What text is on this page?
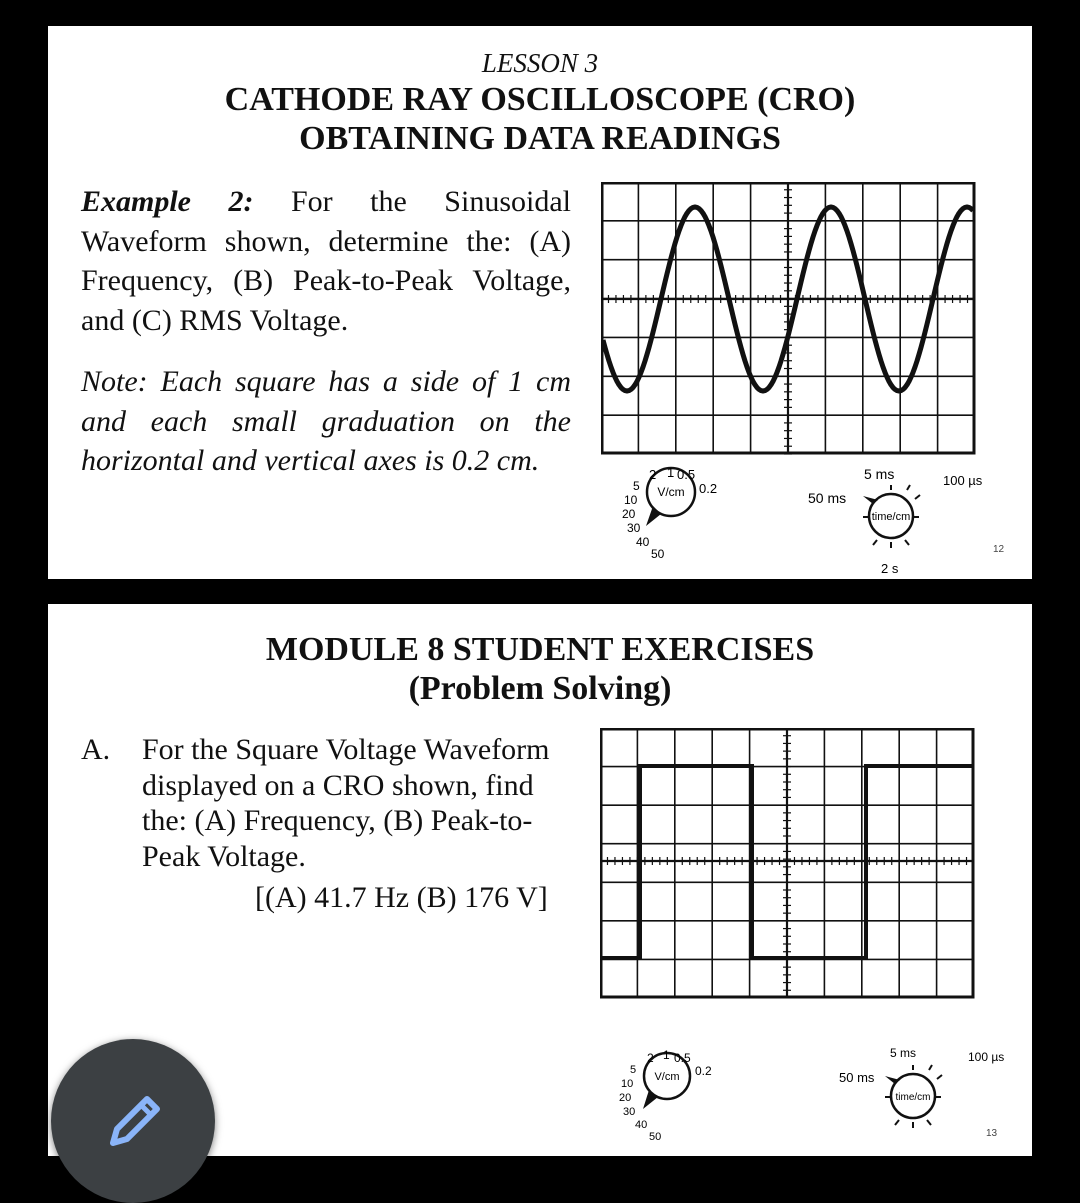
LESSON 3
CATHODE RAY OSCILLOSCOPE (CRO)
OBTAINING DATA READINGS
Example 2: For the Sinusoidal Waveform shown, determine the: (A) Frequency, (B) Peak-to-Peak Voltage, and (C) RMS Voltage.
Note: Each square has a side of 1 cm and each small graduation on the horizontal and vertical axes is 0.2 cm.
V/cm
50
40
30
20
10
5
2 1 0.5
0.2
time/cm
5 ms	100 µs
50 ms
2 s
12
MODULE 8 STUDENT EXERCISES
(Problem Solving)
A.	For the Square Voltage Waveform displayed on a CRO shown, find the: (A) Frequency, (B) Peak-to-Peak Voltage.
[(A) 41.7 Hz (B) 176 V]
V/cm
50
40
30
20
10
5
2 1 0.5
0.2
time/cm
5 ms	100 µs
50 ms
13
